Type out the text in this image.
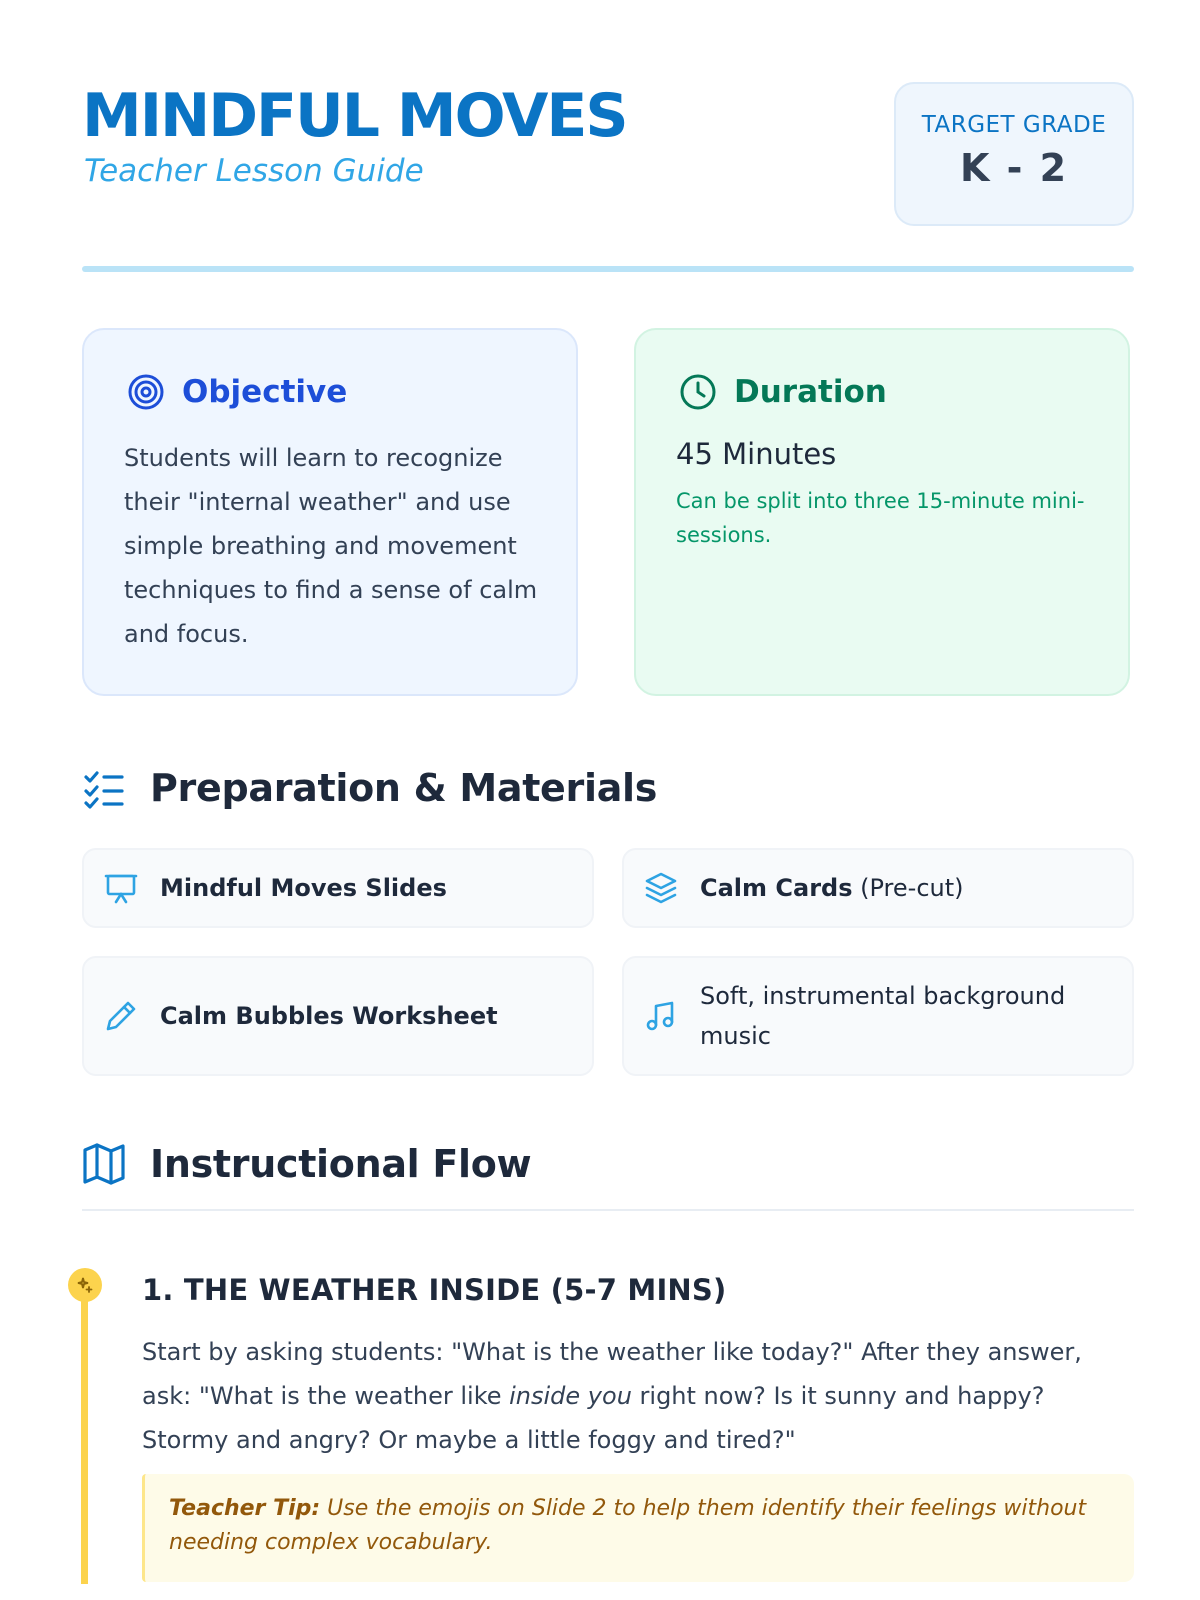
MINDFUL MOVES
Teacher Lesson Guide
TARGET GRADE
K - 2
Objective
Students will learn to recognize their "internal weather" and use simple breathing and movement techniques to find a sense of calm and focus.
Duration
45 Minutes
Can be split into three 15-minute mini-sessions.
Preparation & Materials
Mindful Moves Slides	Calm Cards (Pre-cut)
Calm Bubbles Worksheet
Soft, instrumental background music
Instructional Flow
1. THE WEATHER INSIDE (5-7 MINS)
Start by asking students: "What is the weather like today?" After they answer, ask: "What is the weather like inside you right now? Is it sunny and happy? Stormy and angry? Or maybe a little foggy and tired?"
Teacher Tip: Use the emojis on Slide 2 to help them identify their feelings without needing complex vocabulary.
